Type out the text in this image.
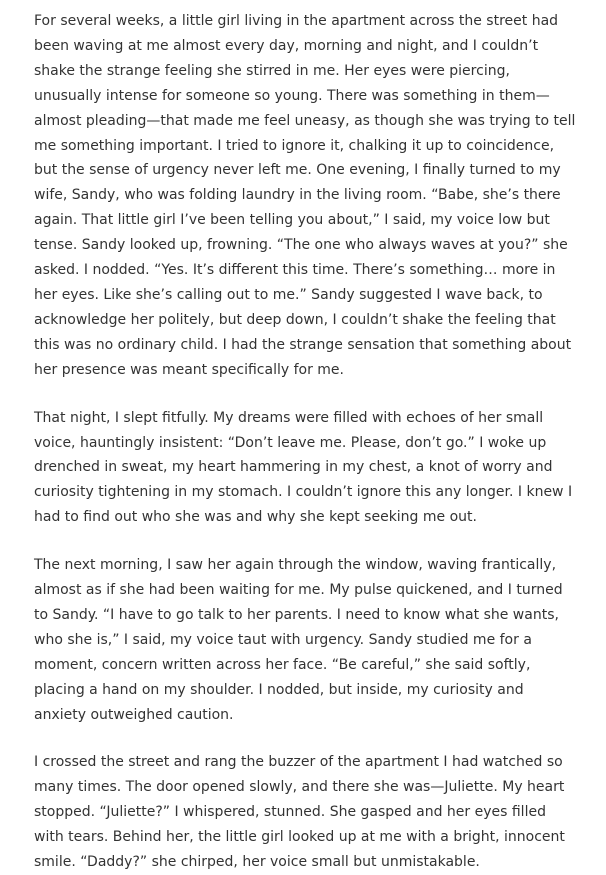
For several weeks, a little girl living in the apartment across the street had been waving at me almost every day, morning and night, and I couldn’t shake the strange feeling she stirred in me. Her eyes were piercing, unusually intense for someone so young. There was something in them—almost pleading—that made me feel uneasy, as though she was trying to tell me something important. I tried to ignore it, chalking it up to coincidence, but the sense of urgency never left me. One evening, I finally turned to my wife, Sandy, who was folding laundry in the living room. “Babe, she’s there again. That little girl I’ve been telling you about,” I said, my voice low but tense. Sandy looked up, frowning. “The one who always waves at you?” she asked. I nodded. “Yes. It’s different this time. There’s something… more in her eyes. Like she’s calling out to me.” Sandy suggested I wave back, to acknowledge her politely, but deep down, I couldn’t shake the feeling that this was no ordinary child. I had the strange sensation that something about her presence was meant specifically for me.

That night, I slept fitfully. My dreams were filled with echoes of her small voice, hauntingly insistent: “Don’t leave me. Please, don’t go.” I woke up drenched in sweat, my heart hammering in my chest, a knot of worry and curiosity tightening in my stomach. I couldn’t ignore this any longer. I knew I had to find out who she was and why she kept seeking me out.

The next morning, I saw her again through the window, waving frantically, almost as if she had been waiting for me. My pulse quickened, and I turned to Sandy. “I have to go talk to her parents. I need to know what she wants, who she is,” I said, my voice taut with urgency. Sandy studied me for a moment, concern written across her face. “Be careful,” she said softly, placing a hand on my shoulder. I nodded, but inside, my curiosity and anxiety outweighed caution.

I crossed the street and rang the buzzer of the apartment I had watched so many times. The door opened slowly, and there she was—Juliette. My heart stopped. “Juliette?” I whispered, stunned. She gasped and her eyes filled with tears. Behind her, the little girl looked up at me with a bright, innocent smile. “Daddy?” she chirped, her voice small but unmistakable.
